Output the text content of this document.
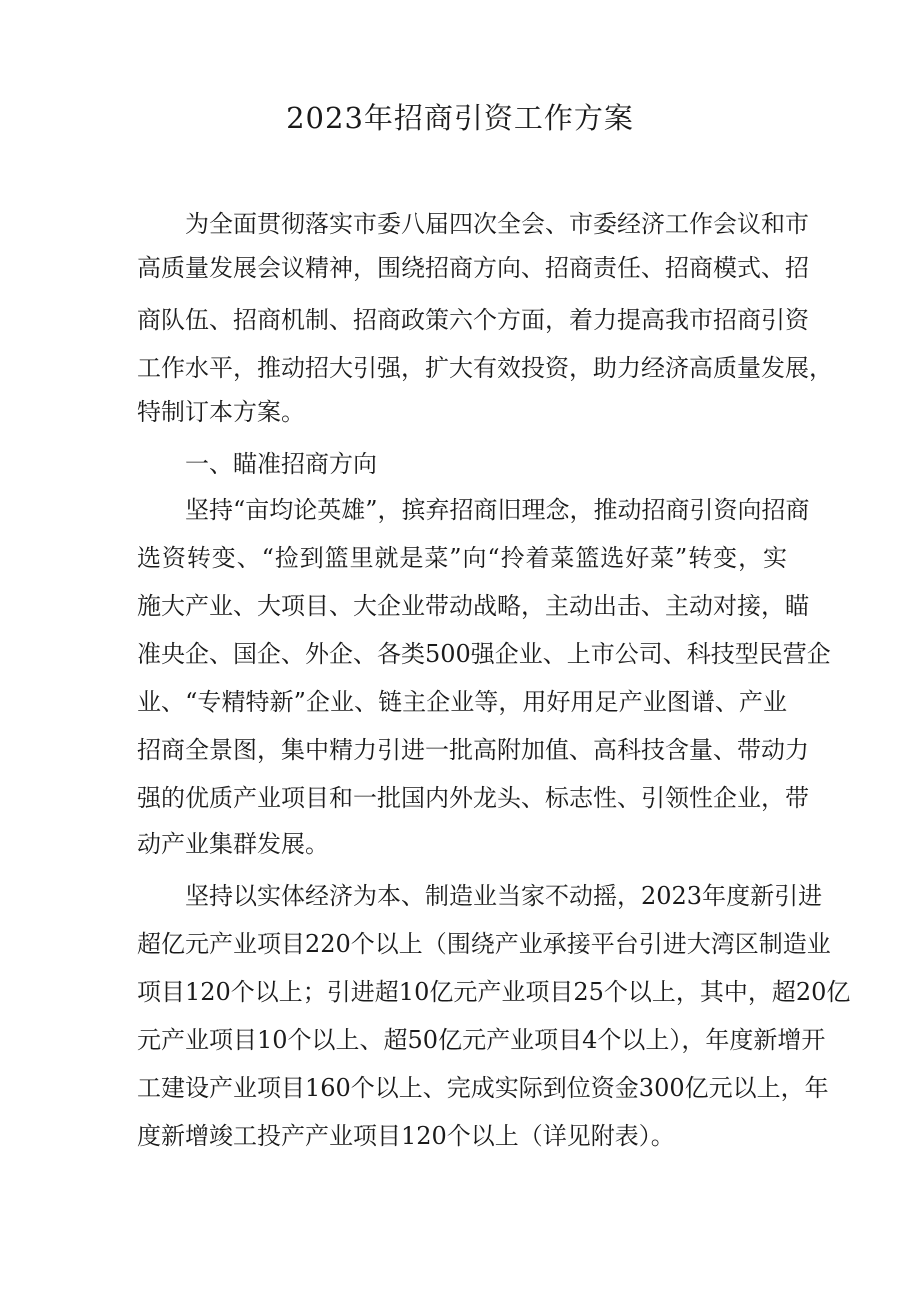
2023年招商引资工作方案
为全面贯彻落实市委八届四次全会、市委经济工作会议和市
高质量发展会议精神，围绕招商方向、招商责任、招商模式、招
商队伍、招商机制、招商政策六个方面，着力提高我市招商引资
工作水平，推动招大引强，扩大有效投资，助力经济高质量发展，
特制订本方案。
一、瞄准招商方向
坚持“亩均论英雄”，摈弃招商旧理念，推动招商引资向招商
选资转变、“捡到篮里就是菜”向“拎着菜篮选好菜”转变，实
施大产业、大项目、大企业带动战略，主动出击、主动对接，瞄
准央企、国企、外企、各类500强企业、上市公司、科技型民营企
业、“专精特新”企业、链主企业等，用好用足产业图谱、产业
招商全景图，集中精力引进一批高附加值、高科技含量、带动力
强的优质产业项目和一批国内外龙头、标志性、引领性企业，带
动产业集群发展。
坚持以实体经济为本、制造业当家不动摇，2023年度新引进
超亿元产业项目220个以上（围绕产业承接平台引进大湾区制造业
项目120个以上；引进超10亿元产业项目25个以上，其中，超20亿
元产业项目10个以上、超50亿元产业项目4个以上），年度新增开
工建设产业项目160个以上、完成实际到位资金300亿元以上，年
度新增竣工投产产业项目120个以上（详见附表）。
